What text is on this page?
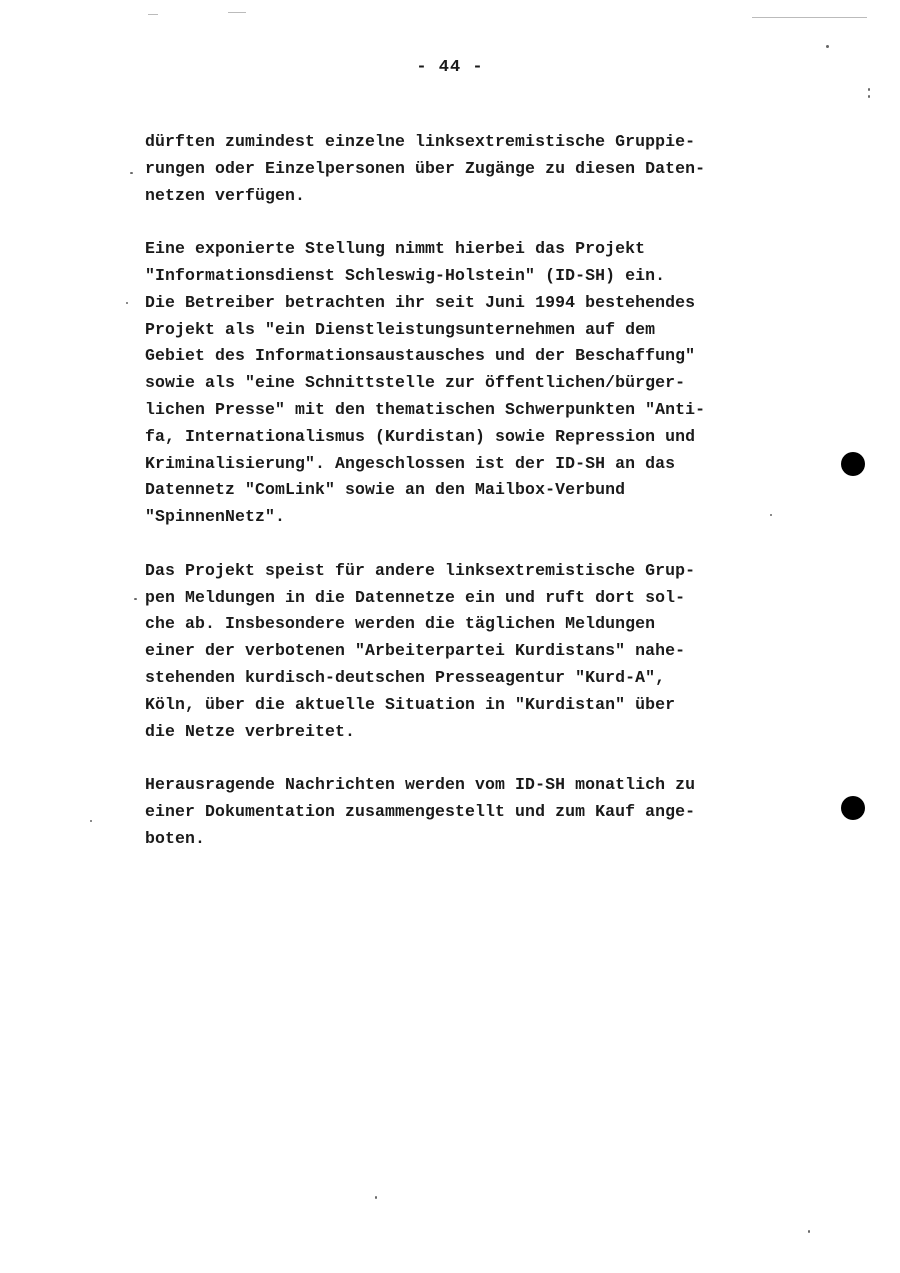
- 44 -
dürften zumindest einzelne linksextremistische Gruppie-
rungen oder Einzelpersonen über Zugänge zu diesen Daten-
netzen verfügen.
Eine exponierte Stellung nimmt hierbei das Projekt
"Informationsdienst Schleswig-Holstein" (ID-SH) ein.
Die Betreiber betrachten ihr seit Juni 1994 bestehendes
Projekt als "ein Dienstleistungsunternehmen auf dem
Gebiet des Informationsaustausches und der Beschaffung"
sowie als "eine Schnittstelle zur öffentlichen/bürger-
lichen Presse" mit den thematischen Schwerpunkten "Anti-
fa, Internationalismus (Kurdistan) sowie Repression und
Kriminalisierung". Angeschlossen ist der ID-SH an das
Datennetz "ComLink" sowie an den Mailbox-Verbund
"SpinnenNetz".
Das Projekt speist für andere linksextremistische Grup-
pen Meldungen in die Datennetze ein und ruft dort sol-
che ab. Insbesondere werden die täglichen Meldungen
einer der verbotenen "Arbeiterpartei Kurdistans" nahe-
stehenden kurdisch-deutschen Presseagentur "Kurd-A",
Köln, über die aktuelle Situation in "Kurdistan" über
die Netze verbreitet.
Herausragende Nachrichten werden vom ID-SH monatlich zu
einer Dokumentation zusammengestellt und zum Kauf ange-
boten.
